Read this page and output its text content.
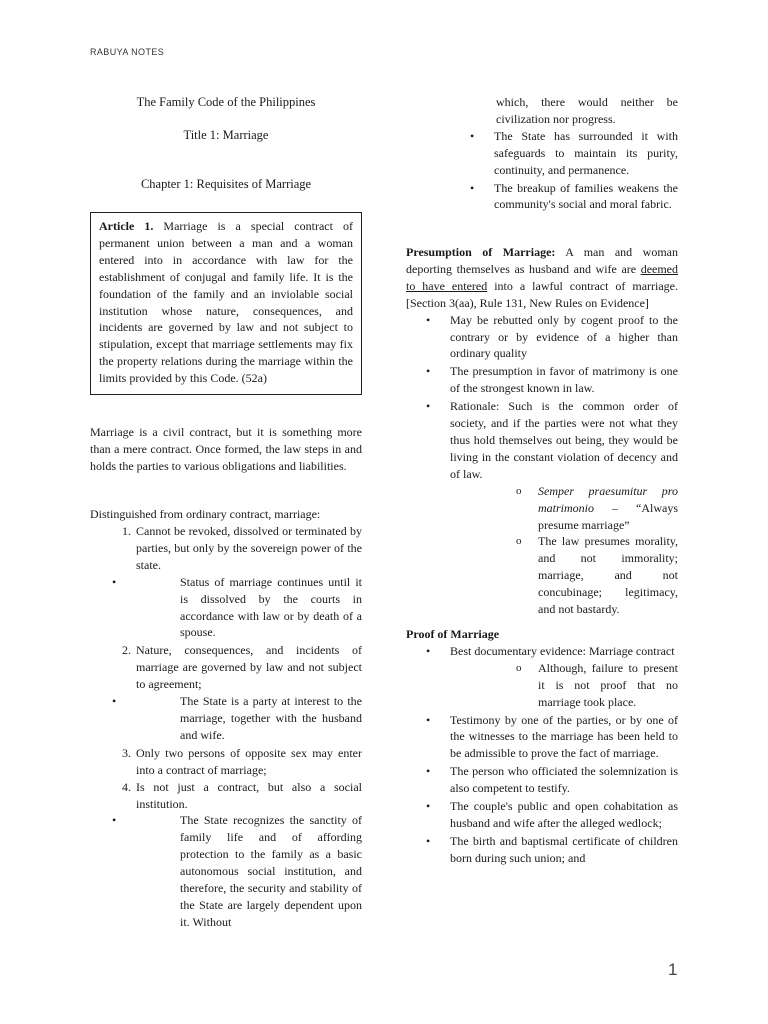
RABUYA NOTES
The Family Code of the Philippines
Title 1: Marriage
Chapter 1: Requisites of Marriage
Article 1. Marriage is a special contract of permanent union between a man and a woman entered into in accordance with law for the establishment of conjugal and family life. It is the foundation of the family and an inviolable social institution whose nature, consequences, and incidents are governed by law and not subject to stipulation, except that marriage settlements may fix the property relations during the marriage within the limits provided by this Code. (52a)

Marriage is a civil contract, but it is something more than a mere contract. Once formed, the law steps in and holds the parties to various obligations and liabilities.

Distinguished from ordinary contract, marriage:

1. Cannot be revoked, dissolved or terminated by parties, but only by the sovereign power of the state.
• Status of marriage continues until it is dissolved by the courts in accordance with law or by death of a spouse.
2. Nature, consequences, and incidents of marriage are governed by law and not subject to agreement;
• The State is a party at interest to the marriage, together with the husband and wife.
3. Only two persons of opposite sex may enter into a contract of marriage;
4. Is not just a contract, but also a social institution.
• The State recognizes the sanctity of family life and of affording protection to the family as a basic autonomous social institution, and therefore, the security and stability of the State are largely dependent upon it. Without
which, there would neither be civilization nor progress.
• The State has surrounded it with safeguards to maintain its purity, continuity, and permanence.
• The breakup of families weakens the community's social and moral fabric.

Presumption of Marriage: A man and woman deporting themselves as husband and wife are deemed to have entered into a lawful contract of marriage. [Section 3(aa), Rule 131, New Rules on Evidence]

• May be rebutted only by cogent proof to the contrary or by evidence of a higher than ordinary quality
• The presumption in favor of matrimony is one of the strongest known in law.
• Rationale: Such is the common order of society, and if the parties were not what they thus hold themselves out being, they would be living in the constant violation of decency and of law.
o Semper praesumitur pro matrimonio – “Always presume marriage”
o The law presumes morality, and not immorality; marriage, and not concubinage; legitimacy, and not bastardy.
Proof of Marriage
• Best documentary evidence: Marriage contract
o Although, failure to present it is not proof that no marriage took place.
• Testimony by one of the parties, or by one of the witnesses to the marriage has been held to be admissible to prove the fact of marriage.
• The person who officiated the solemnization is also competent to testify.
• The couple's public and open cohabitation as husband and wife after the alleged wedlock;
• The birth and baptismal certificate of children born during such union; and
1
